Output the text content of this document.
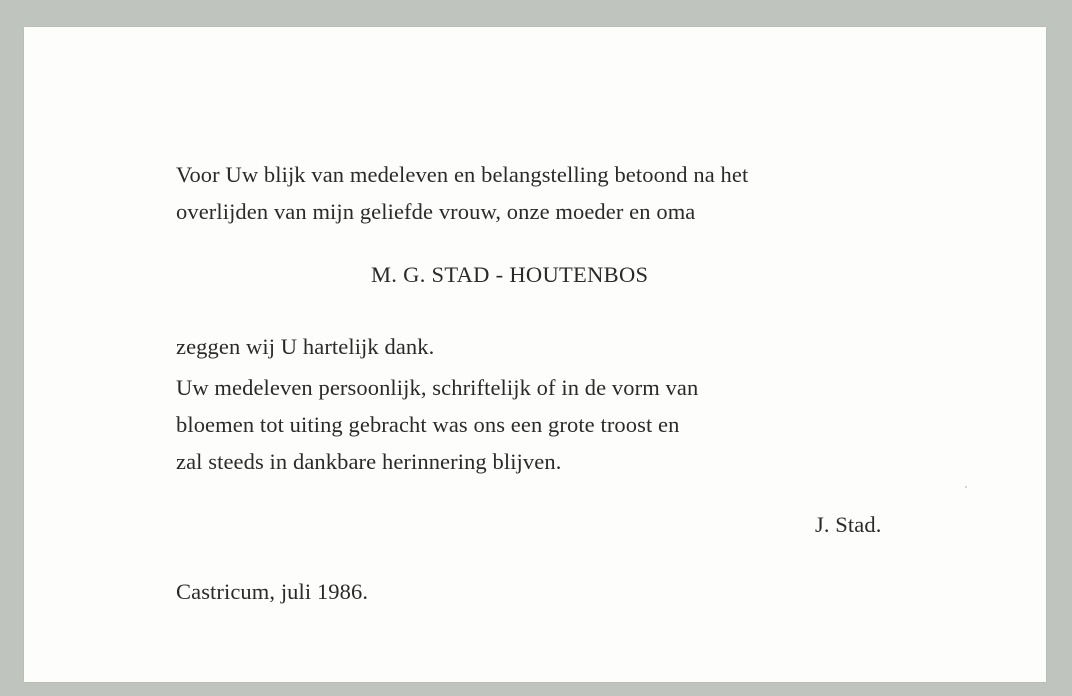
Voor Uw blijk van medeleven en belangstelling betoond na het
overlijden van mijn geliefde vrouw, onze moeder en oma
M. G. STAD - HOUTENBOS
zeggen wij U hartelijk dank.
Uw medeleven persoonlijk, schriftelijk of in de vorm van
bloemen tot uiting gebracht was ons een grote troost en
zal steeds in dankbare herinnering blijven.
J. Stad.
Castricum, juli 1986.
